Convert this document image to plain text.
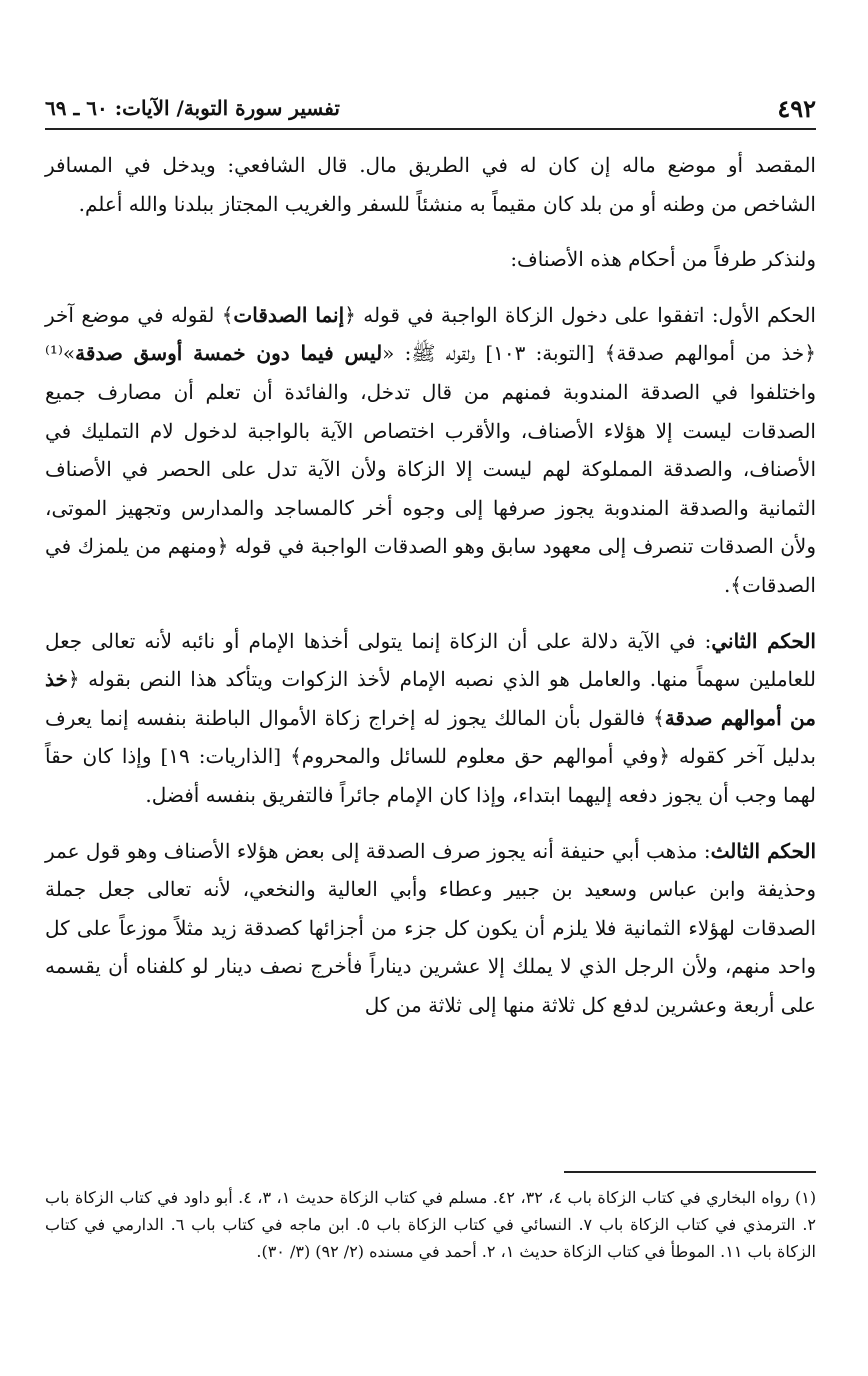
٤٩٢
تفسير سورة التوبة/ الآيات: ٦٠ ـ ٦٩

المقصد أو موضع ماله إن كان له في الطريق مال. قال الشافعي: ويدخل في المسافر الشاخص من وطنه أو من بلد كان مقيماً به منشئاً للسفر والغريب المجتاز ببلدنا والله أعلم.

ولنذكر طرفاً من أحكام هذه الأصناف:

الحكم الأول: اتفقوا على دخول الزكاة الواجبة في قوله ﴿إنما الصدقات﴾ لقوله في موضع آخر ﴿خذ من أموالهم صدقة﴾ [التوبة: ١٠٣] ولقوله ﷺ: «ليس فيما دون خمسة أوسق صدقة»⁽¹⁾ واختلفوا في الصدقة المندوبة فمنهم من قال تدخل، والفائدة أن تعلم أن مصارف جميع الصدقات ليست إلا هؤلاء الأصناف، والأقرب اختصاص الآية بالواجبة لدخول لام التمليك في الأصناف، والصدقة المملوكة لهم ليست إلا الزكاة ولأن الآية تدل على الحصر في الأصناف الثمانية والصدقة المندوبة يجوز صرفها إلى وجوه أخر كالمساجد والمدارس وتجهيز الموتى، ولأن الصدقات تنصرف إلى معهود سابق وهو الصدقات الواجبة في قوله ﴿ومنهم من يلمزك في الصدقات﴾.

الحكم الثاني: في الآية دلالة على أن الزكاة إنما يتولى أخذها الإمام أو نائبه لأنه تعالى جعل للعاملين سهماً منها. والعامل هو الذي نصبه الإمام لأخذ الزكوات ويتأكد هذا النص بقوله ﴿خذ من أموالهم صدقة﴾ فالقول بأن المالك يجوز له إخراج زكاة الأموال الباطنة بنفسه إنما يعرف بدليل آخر كقوله ﴿وفي أموالهم حق معلوم للسائل والمحروم﴾ [الذاريات: ١٩] وإذا كان حقاً لهما وجب أن يجوز دفعه إليهما ابتداء، وإذا كان الإمام جائراً فالتفريق بنفسه أفضل.

الحكم الثالث: مذهب أبي حنيفة أنه يجوز صرف الصدقة إلى بعض هؤلاء الأصناف وهو قول عمر وحذيفة وابن عباس وسعيد بن جبير وعطاء وأبي العالية والنخعي، لأنه تعالى جعل جملة الصدقات لهؤلاء الثمانية فلا يلزم أن يكون كل جزء من أجزائها كصدقة زيد مثلاً موزعاً على كل واحد منهم، ولأن الرجل الذي لا يملك إلا عشرين ديناراً فأخرج نصف دينار لو كلفناه أن يقسمه على أربعة وعشرين لدفع كل ثلاثة منها إلى ثلاثة من كل

(١) رواه البخاري في كتاب الزكاة باب ٤، ٣٢، ٤٢. مسلم في كتاب الزكاة حديث ١، ٣، ٤. أبو داود في كتاب الزكاة باب ٢. الترمذي في كتاب الزكاة باب ٧. النسائي في كتاب الزكاة باب ٥. ابن ماجه في كتاب باب ٦. الدارمي في كتاب الزكاة باب ١١. الموطأ في كتاب الزكاة حديث ١، ٢. أحمد في مسنده (٢/ ٩٢) (٣/ ٣٠).
